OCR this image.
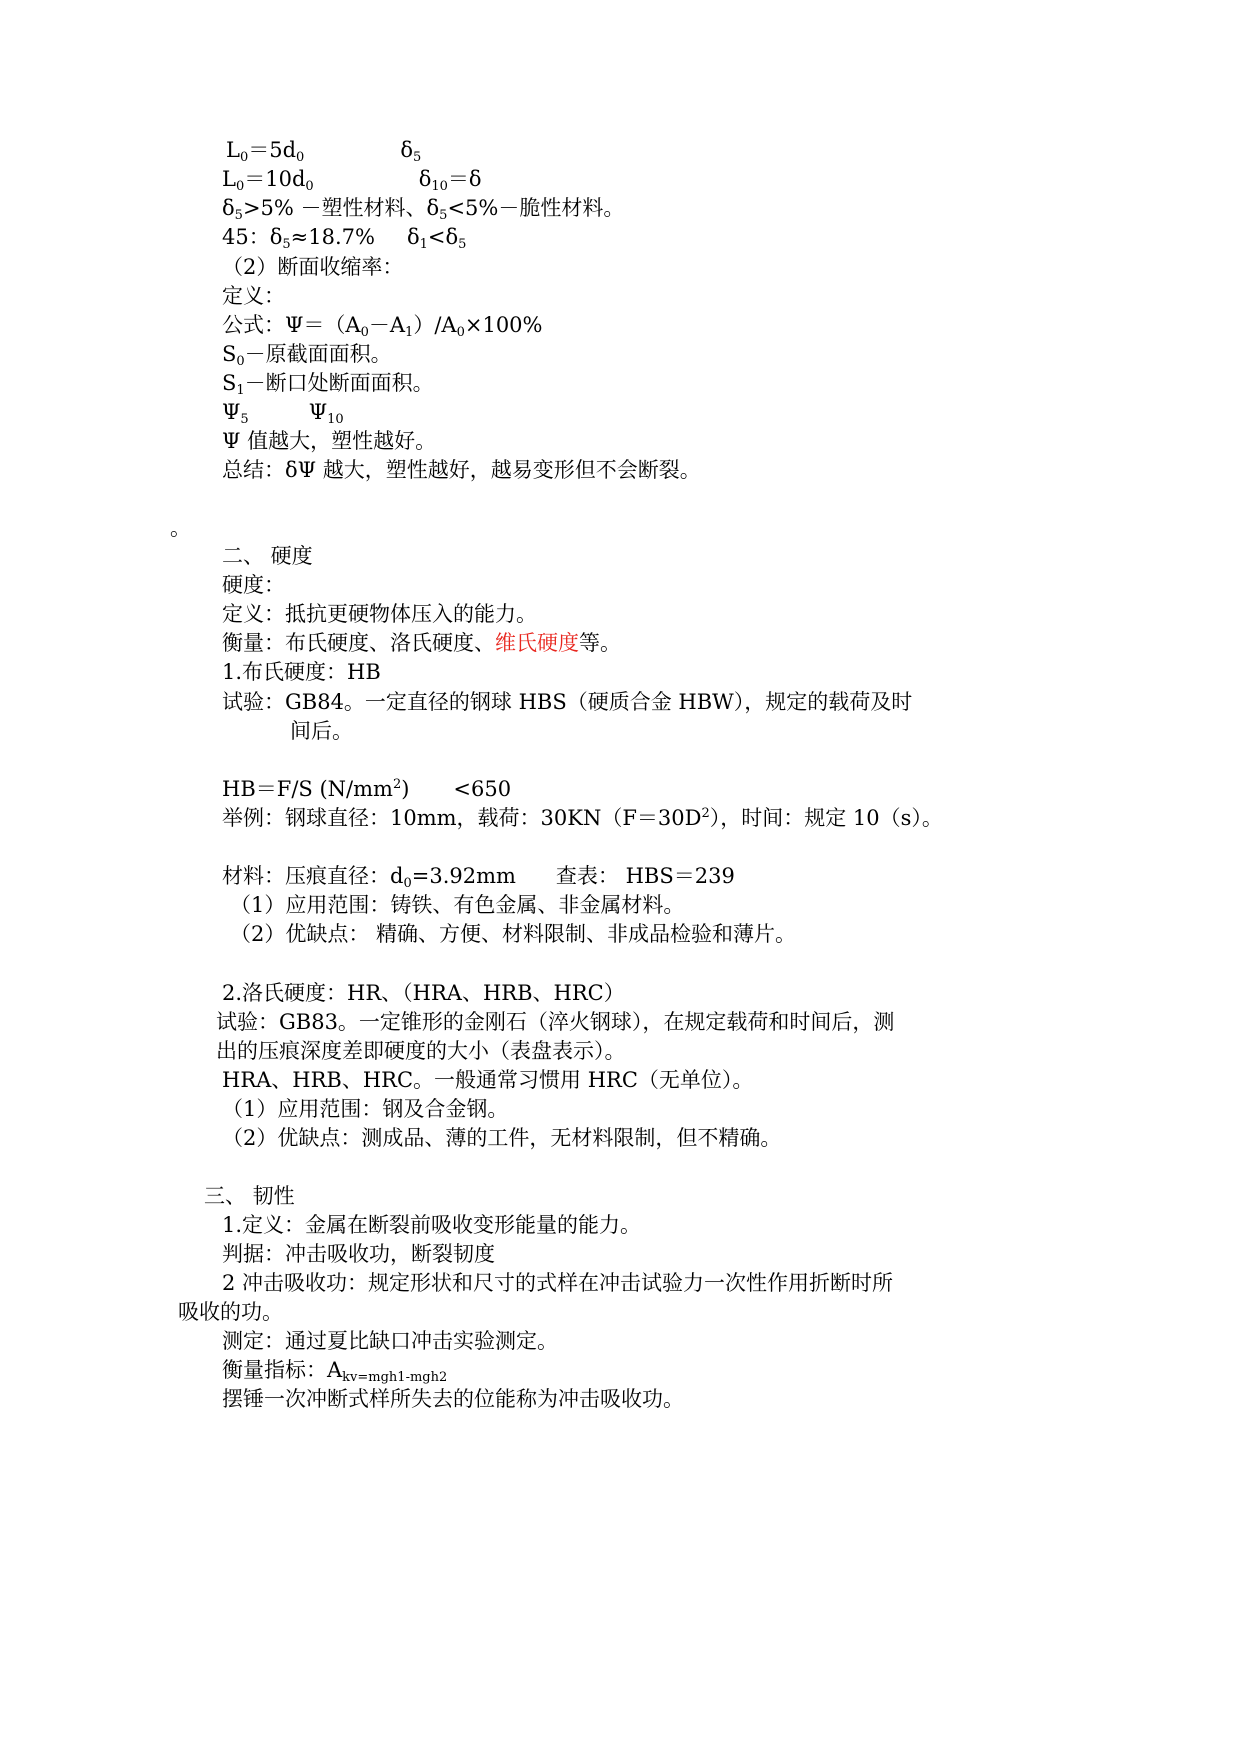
$L_0=5d_0$	$\delta_5$
$L_0=10d_0$	$\delta_{10}=\delta$
$\delta_5>5\%$ －塑性材料、$\delta_5<5\%-$脆性材料。
45：$\delta_5\approx 18.7\%$ $\delta_1<\delta_5$
（2）断面收缩率：
定义：
公式：$\Psi=(A_0-A_1)/A_0\times 100\%$
$S_0-$原截面面积。
$S_1-$断口处断面面积。
$\Psi_5$	$\Psi_{10}$
Ψ 值越大，塑性越好。
总结：δΨ 越大，塑性越好，越易变形但不会断裂。
。
二、 硬度
硬度：
定义：抵抗更硬物体压入的能力。
衡量：布氏硬度、洛氏硬度、维氏硬度等。
1.布氏硬度：HB
试验：GB84。一定直径的钢球 HBS（硬质合金 HBW），规定的载荷及时
间后。
HB＝F/S $(N/mm^2) <650$
举例：钢球直径：10mm，载荷：$30KN(F=30D^2)$，时间：规定 10（s）。
材料：压痕直径：$d_0=3.92mm$ 查表： HBS＝239
（1）应用范围：铸铁、有色金属、非金属材料。
（2）优缺点： 精确、方便、材料限制、非成品检验和薄片。
2.洛氏硬度：HR、（HRA、HRB、HRC）
试验：GB83。一定锥形的金刚石（淬火钢球），在规定载荷和时间后，测
出的压痕深度差即硬度的大小（表盘表示）。
HRA、HRB、HRC。一般通常习惯用 HRC（无单位）。
（1）应用范围：钢及合金钢。
（2）优缺点：测成品、薄的工件，无材料限制，但不精确。
三、 韧性
1.定义：金属在断裂前吸收变形能量的能力。
判据：冲击吸收功，断裂韧度
2 冲击吸收功：规定形状和尺寸的式样在冲击试验力一次性作用折断时所
吸收的功。
测定：通过夏比缺口冲击实验测定。
衡量指标：$A_{kv=mgh1-mgh2}$
摆锤一次冲断式样所失去的位能称为冲击吸收功。
